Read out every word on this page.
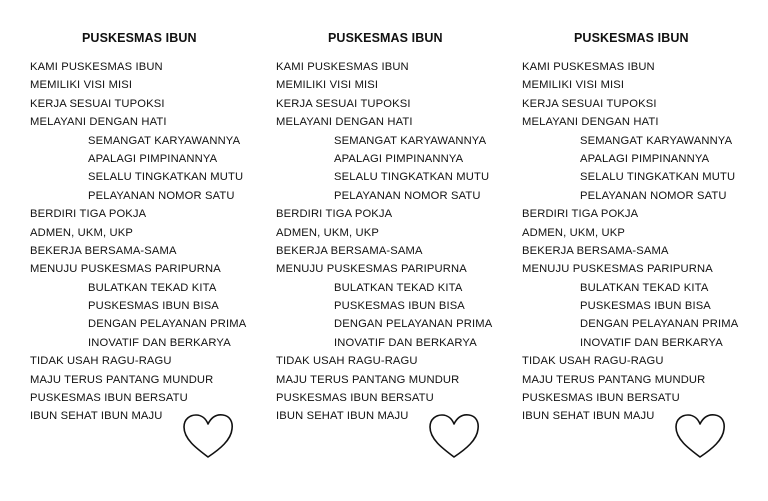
PUSKESMAS IBUN
KAMI PUSKESMAS IBUN
MEMILIKI VISI MISI
KERJA SESUAI TUPOKSI
MELAYANI DENGAN HATI
SEMANGAT KARYAWANNYA
APALAGI PIMPINANNYA
SELALU TINGKATKAN MUTU
PELAYANAN NOMOR SATU
BERDIRI TIGA POKJA
ADMEN, UKM, UKP
BEKERJA BERSAMA-SAMA
MENUJU PUSKESMAS PARIPURNA
BULATKAN TEKAD KITA
PUSKESMAS IBUN BISA
DENGAN PELAYANAN PRIMA
INOVATIF DAN BERKARYA
TIDAK USAH RAGU-RAGU
MAJU TERUS PANTANG MUNDUR
PUSKESMAS IBUN BERSATU
IBUN SEHAT IBUN MAJU
PUSKESMAS IBUN
KAMI PUSKESMAS IBUN
MEMILIKI VISI MISI
KERJA SESUAI TUPOKSI
MELAYANI DENGAN HATI
SEMANGAT KARYAWANNYA
APALAGI PIMPINANNYA
SELALU TINGKATKAN MUTU
PELAYANAN NOMOR SATU
BERDIRI TIGA POKJA
ADMEN, UKM, UKP
BEKERJA BERSAMA-SAMA
MENUJU PUSKESMAS PARIPURNA
BULATKAN TEKAD KITA
PUSKESMAS IBUN BISA
DENGAN PELAYANAN PRIMA
INOVATIF DAN BERKARYA
TIDAK USAH RAGU-RAGU
MAJU TERUS PANTANG MUNDUR
PUSKESMAS IBUN BERSATU
IBUN SEHAT IBUN MAJU
PUSKESMAS IBUN
KAMI PUSKESMAS IBUN
MEMILIKI VISI MISI
KERJA SESUAI TUPOKSI
MELAYANI DENGAN HATI
SEMANGAT KARYAWANNYA
APALAGI PIMPINANNYA
SELALU TINGKATKAN MUTU
PELAYANAN NOMOR SATU
BERDIRI TIGA POKJA
ADMEN, UKM, UKP
BEKERJA BERSAMA-SAMA
MENUJU PUSKESMAS PARIPURNA
BULATKAN TEKAD KITA
PUSKESMAS IBUN BISA
DENGAN PELAYANAN PRIMA
INOVATIF DAN BERKARYA
TIDAK USAH RAGU-RAGU
MAJU TERUS PANTANG MUNDUR
PUSKESMAS IBUN BERSATU
IBUN SEHAT IBUN MAJU
